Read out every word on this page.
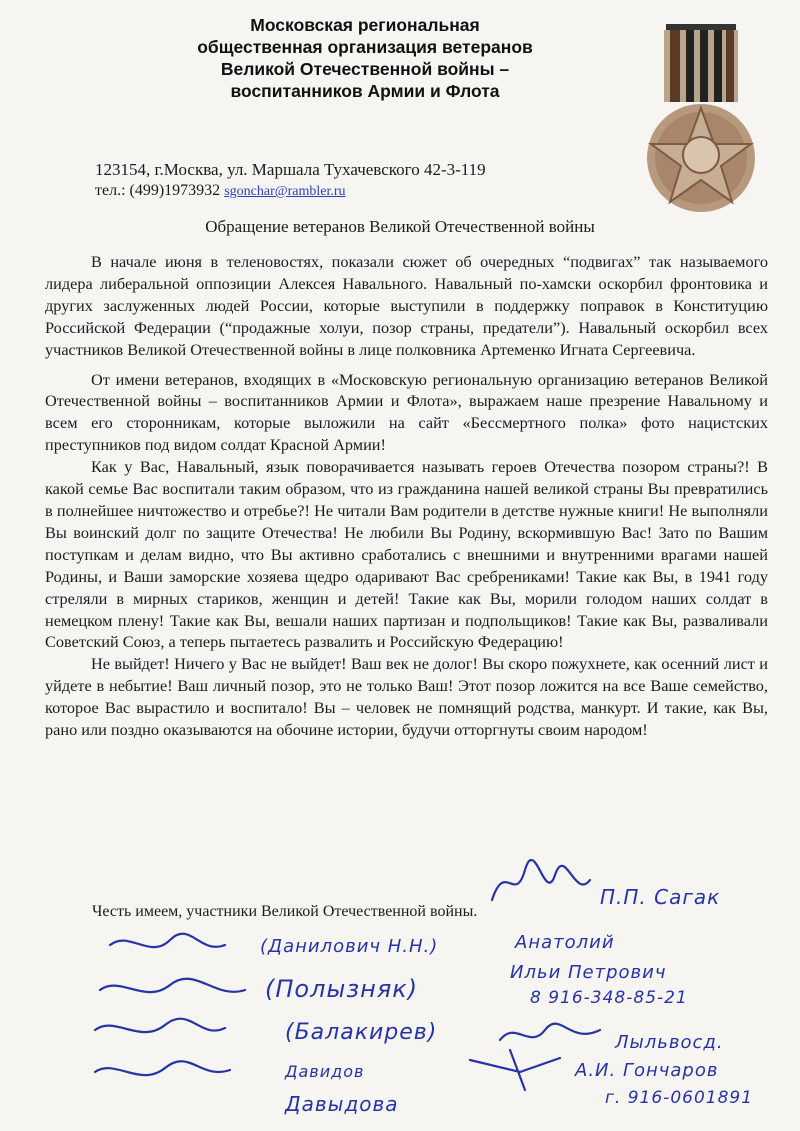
Московская региональная
общественная организация ветеранов
Великой Отечественной войны –
воспитанников Армии и Флота
123154, г.Москва, ул. Маршала Тухачевского 42-3-119
тел.: (499)1973932 sgonchar@rambler.ru
Обращение ветеранов Великой Отечественной войны

В начале июня в теленовостях, показали сюжет об очередных “подвигах” так называемого лидера либеральной оппозиции Алексея Навального. Навальный по-хамски оскорбил фронтовика и других заслуженных людей России, которые выступили в поддержку поправок в Конституцию Российской Федерации (“продажные холуи, позор страны, предатели”). Навальный оскорбил всех участников Великой Отечественной войны в лице полковника Артеменко Игната Сергеевича.

От имени ветеранов, входящих в «Московскую региональную организацию ветеранов Великой Отечественной войны – воспитанников Армии и Флота», выражаем наше презрение Навальному и всем его сторонникам, которые выложили на сайт «Бессмертного полка» фото нацистских преступников под видом солдат Красной Армии!

Как у Вас, Навальный, язык поворачивается называть героев Отечества позором страны?! В какой семье Вас воспитали таким образом, что из гражданина нашей великой страны Вы превратились в полнейшее ничтожество и отребье?! Не читали Вам родители в детстве нужные книги! Не выполняли Вы воинский долг по защите Отечества! Не любили Вы Родину, вскормившую Вас! Зато по Вашим поступкам и делам видно, что Вы активно сработались с внешними и внутренними врагами нашей Родины, и Ваши заморские хозяева щедро одаривают Вас сребрениками! Такие как Вы, в 1941 году стреляли в мирных стариков, женщин и детей! Такие как Вы, морили голодом наших солдат в немецком плену! Такие как Вы, вешали наших партизан и подпольщиков! Такие как Вы, разваливали Советский Союз, а теперь пытаетесь развалить и Российскую Федерацию!

Не выйдет! Ничего у Вас не выйдет! Ваш век не долог! Вы скоро пожухнете, как осенний лист и уйдете в небытие! Ваш личный позор, это не только Ваш! Этот позор ложится на все Ваше семейство, которое Вас вырастило и воспитало! Вы – человек не помнящий родства, манкурт. И такие, как Вы, рано или поздно оказываются на обочине истории, будучи отторгнуты своим народом!

Честь имеем, участники Великой Отечественной войны.
П.П. Сагак
(Данилович Н.Н.)	Анатолий
(Полызняк)
Ильи Петрович
8 916-348-85-21
(Балакирев)	Лыльвосд.
Давидов	А.И. Гончаров
г. 916-0601891
Давыдова
